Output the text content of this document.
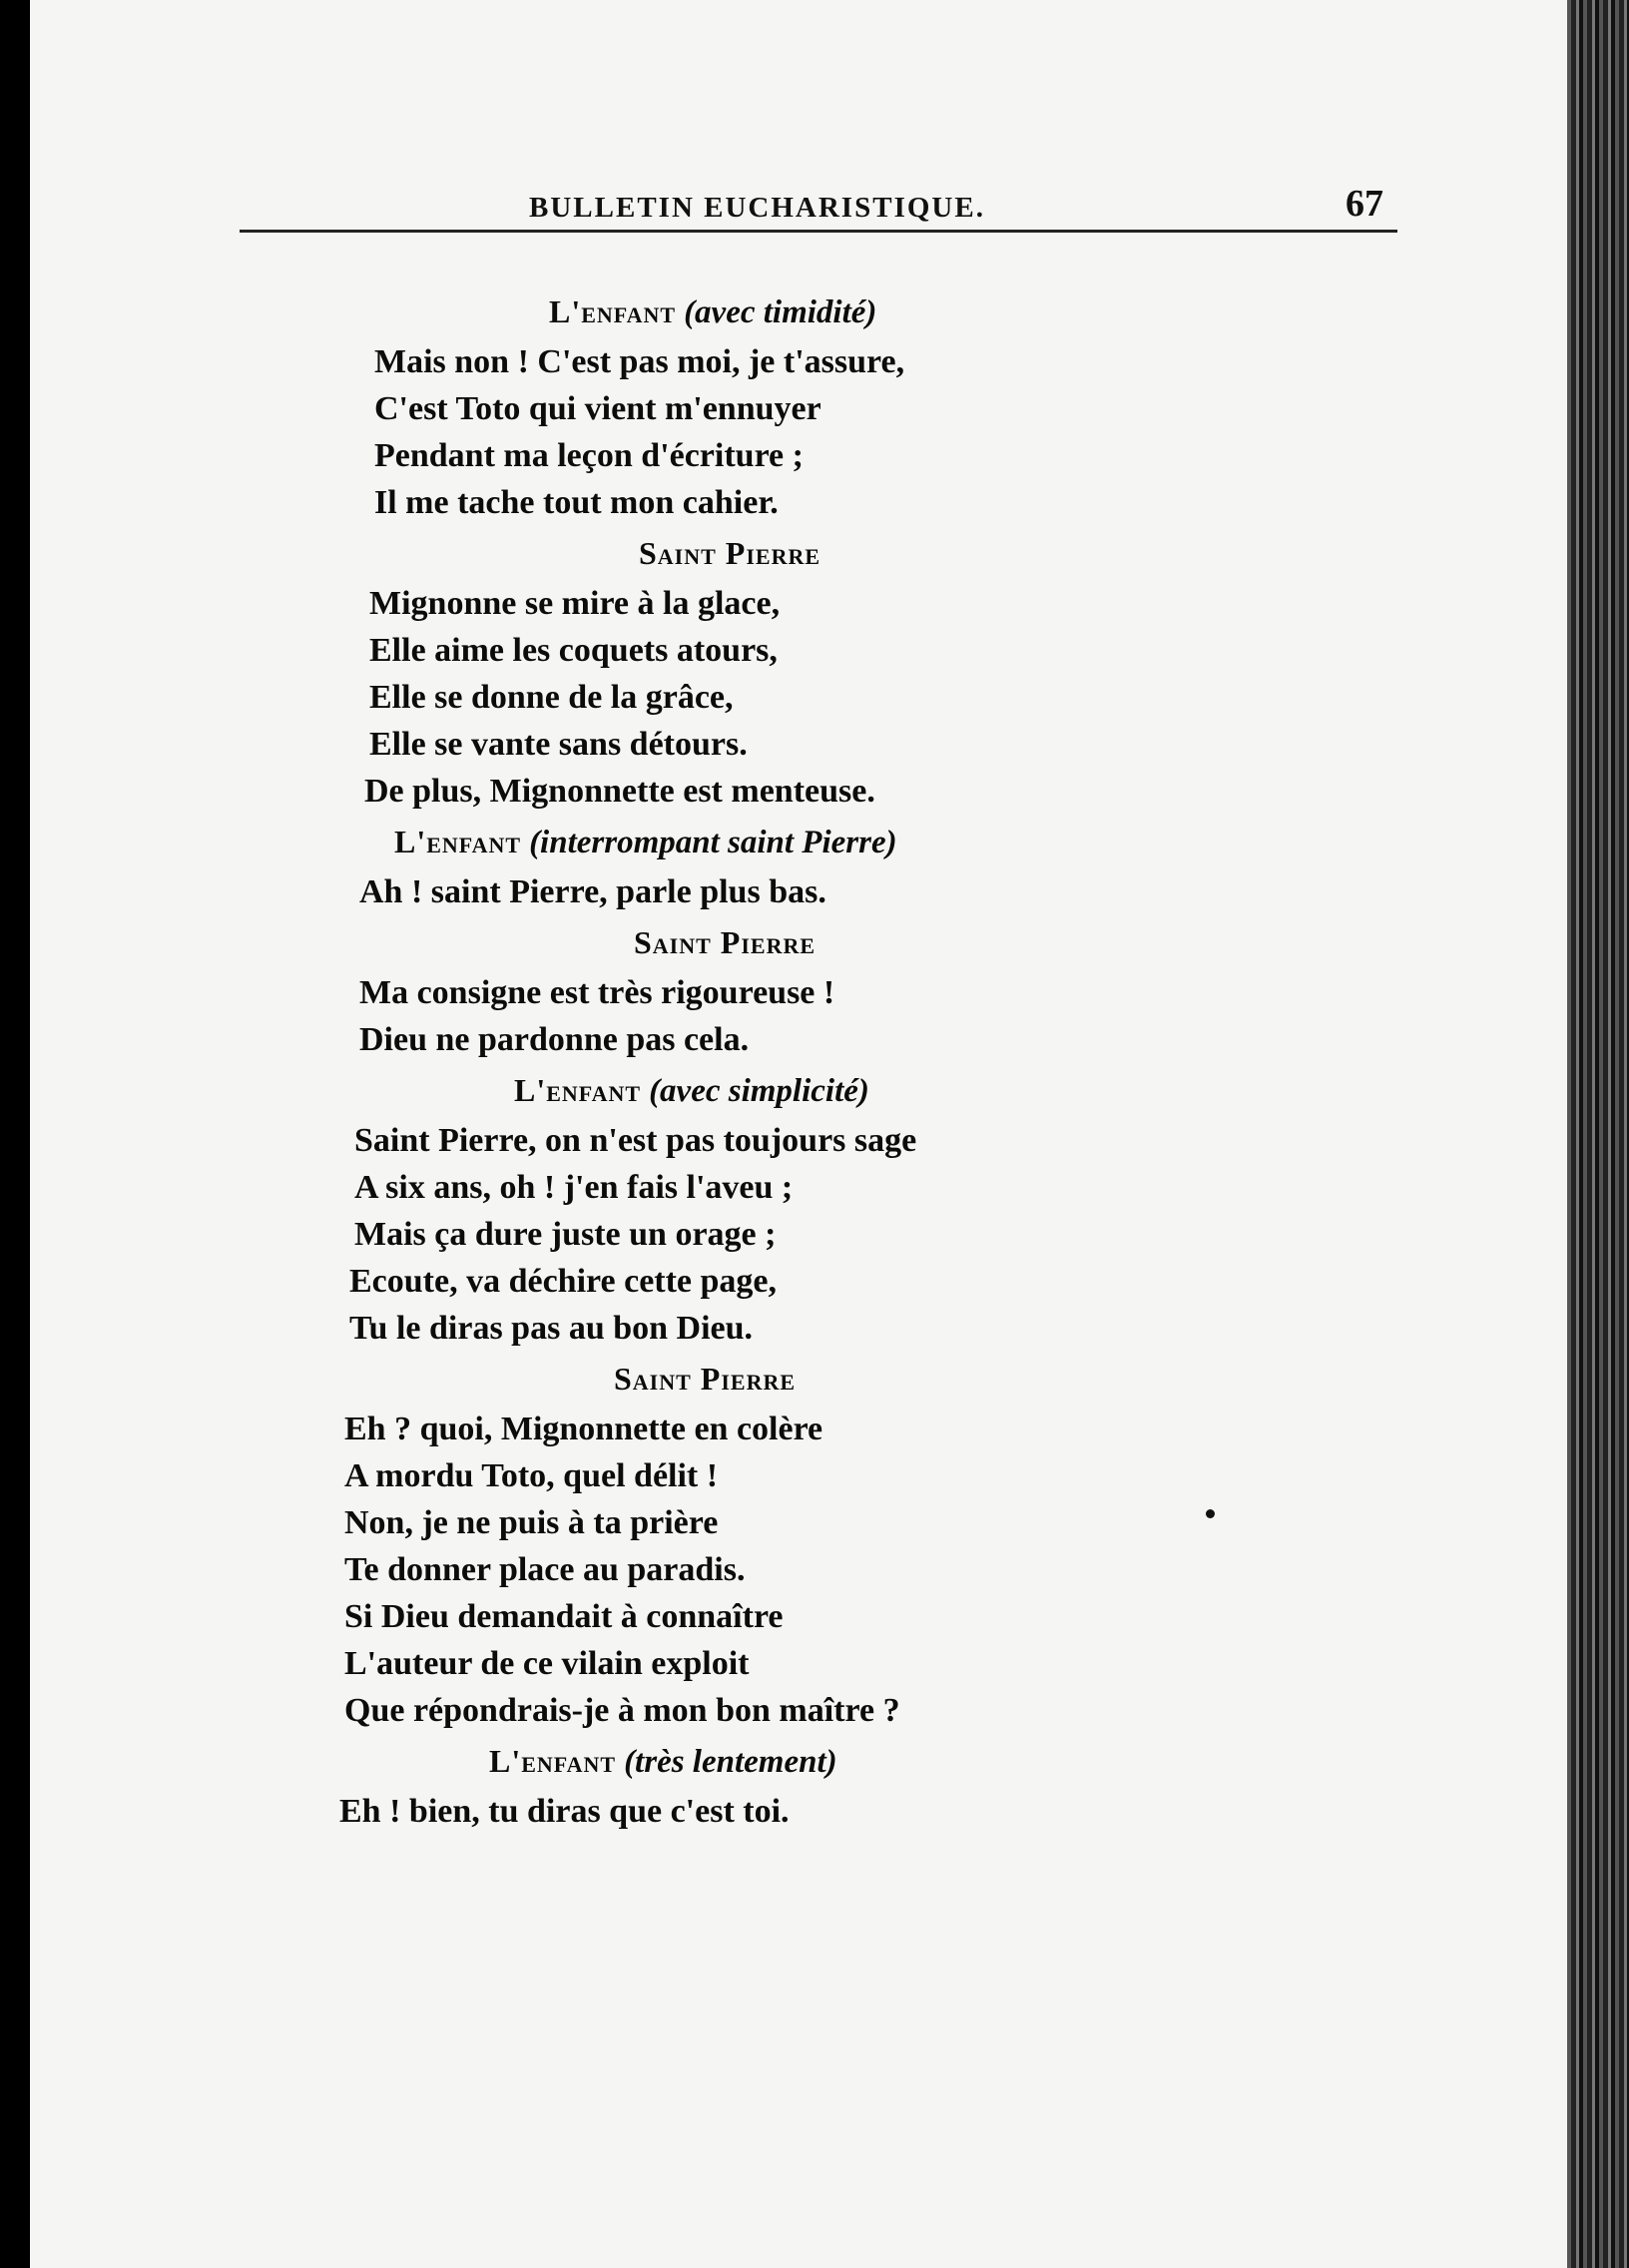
BULLETIN EUCHARISTIQUE.	67
L'enfant (avec timidité)
Mais non ! C'est pas moi, je t'assure,
C'est Toto qui vient m'ennuyer
Pendant ma leçon d'écriture ;
Il me tache tout mon cahier.
Saint Pierre
Mignonne se mire à la glace,
Elle aime les coquets atours,
Elle se donne de la grâce,
Elle se vante sans détours.
De plus, Mignonnette est menteuse.
L'enfant (interrompant saint Pierre)
Ah ! saint Pierre, parle plus bas.
Saint Pierre
Ma consigne est très rigoureuse !
Dieu ne pardonne pas cela.
L'enfant (avec simplicité)
Saint Pierre, on n'est pas toujours sage
A six ans, oh ! j'en fais l'aveu ;
Mais ça dure juste un orage ;
Ecoute, va déchire cette page,
Tu le diras pas au bon Dieu.
Saint Pierre
Eh ? quoi, Mignonnette en colère
A mordu Toto, quel délit !
Non, je ne puis à ta prière
Te donner place au paradis.
Si Dieu demandait à connaître
L'auteur de ce vilain exploit
Que répondrais-je à mon bon maître ?
L'enfant (très lentement)
Eh ! bien, tu diras que c'est toi.
